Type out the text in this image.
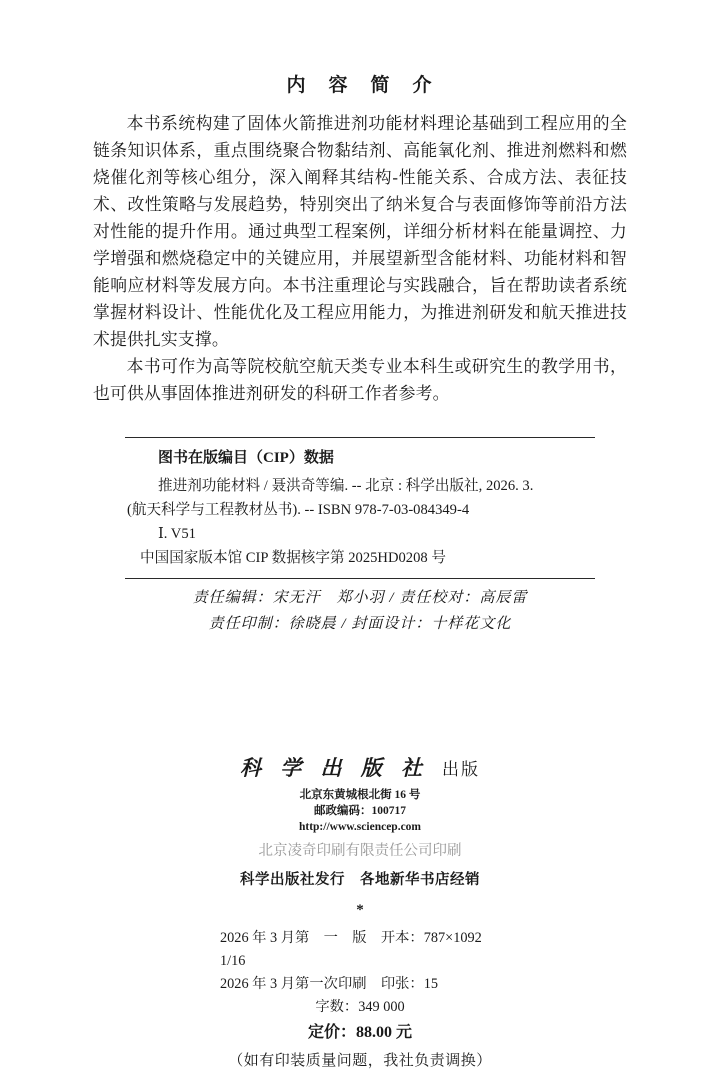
内　容　简　介

本书系统构建了固体火箭推进剂功能材料理论基础到工程应用的全链条知识体系，重点围绕聚合物黏结剂、高能氧化剂、推进剂燃料和燃烧催化剂等核心组分，深入阐释其结构-性能关系、合成方法、表征技术、改性策略与发展趋势，特别突出了纳米复合与表面修饰等前沿方法对性能的提升作用。通过典型工程案例，详细分析材料在能量调控、力学增强和燃烧稳定中的关键应用，并展望新型含能材料、功能材料和智能响应材料等发展方向。本书注重理论与实践融合，旨在帮助读者系统掌握材料设计、性能优化及工程应用能力，为推进剂研发和航天推进技术提供扎实支撑。

本书可作为高等院校航空航天类专业本科生或研究生的教学用书，也可供从事固体推进剂研发的科研工作者参考。

图书在版编目（CIP）数据
推进剂功能材料 / 聂洪奇等编. -- 北京 : 科学出版社, 2026. 3.
(航天科学与工程教材丛书). -- ISBN 978-7-03-084349-4
Ⅰ. V51
中国国家版本馆 CIP 数据核字第 2025HD0208 号
责任编辑：宋无汗　郑小羽 / 责任校对：高辰雷
责任印制：徐晓晨 / 封面设计：十样花文化
科 学 出 版 社 出版
北京东黄城根北街 16 号
邮政编码：100717
http://www.sciencep.com
北京凌奇印刷有限责任公司印刷
科学出版社发行　各地新华书店经销
*
2026 年 3 月第　一　版　开本：787×1092　1/16
2026 年 3 月第一次印刷　印张：15
字数：349 000
定价：88.00 元
（如有印装质量问题，我社负责调换）
